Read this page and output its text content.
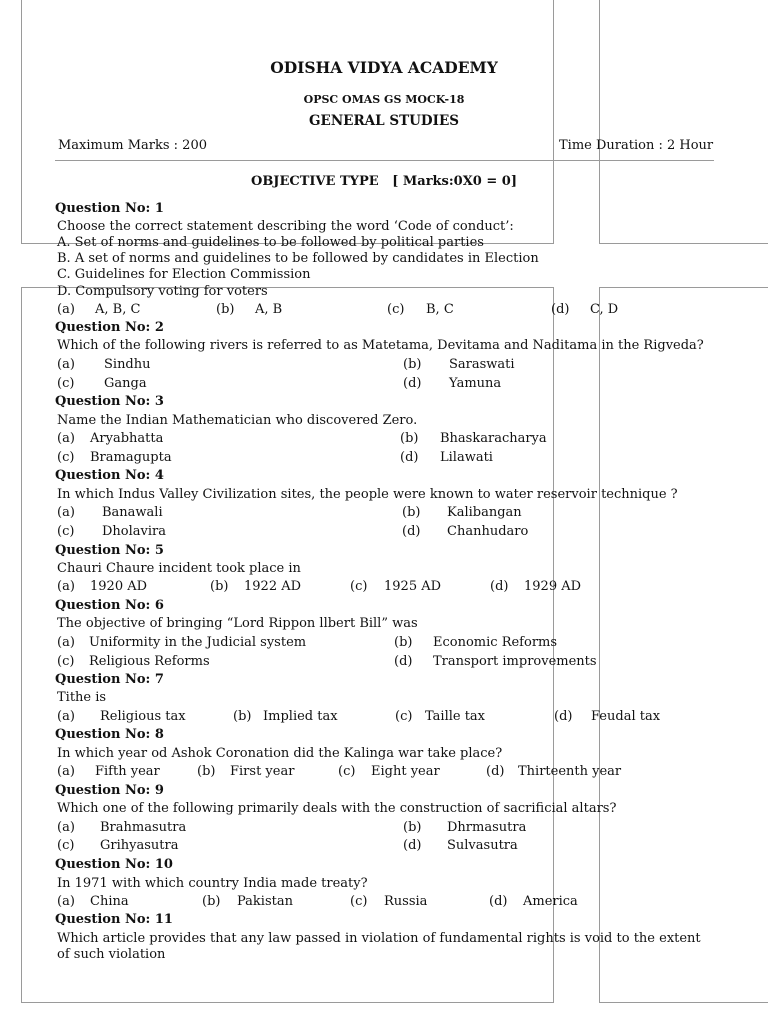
ODISHA VIDYA ACADEMY
OPSC OMAS GS MOCK-18
GENERAL STUDIES
Maximum Marks : 200	Time Duration : 2 Hour
OBJECTIVE TYPE   [ Marks:0X0 = 0]
Question No: 1
Choose the correct statement describing the word ‘Code of conduct’:
A. Set of norms and guidelines to be followed by political parties
B. A set of norms and guidelines to be followed by candidates in Election
C. Guidelines for Election Commission
D. Compulsory voting for voters
(a) A, B, C	(b) A, B	(c) B, C	(d) C, D
Question No: 2
Which of the following rivers is referred to as Matetama, Devitama and Naditama in the Rigveda?
(a) Sindhu	(b) Saraswati
(c) Ganga	(d) Yamuna
Question No: 3
Name the Indian Mathematician who discovered Zero.
(a) Aryabhatta	(b) Bhaskaracharya
(c) Bramagupta	(d) Lilawati
Question No: 4
In which Indus Valley Civilization sites, the people were known to water reservoir technique ?
(a) Banawali	(b) Kalibangan
(c) Dholavira	(d) Chanhudaro
Question No: 5
Chauri Chaure incident took place in
(a) 1920 AD	(b) 1922 AD	(c) 1925 AD	(d) 1929 AD
Question No: 6
The objective of bringing “Lord Rippon llbert Bill” was
(a) Uniformity in the Judicial system	(b) Economic Reforms
(c) Religious Reforms	(d) Transport improvements
Question No: 7
Tithe is
(a) Religious tax	(b) Implied tax	(c) Taille tax	(d) Feudal tax
Question No: 8
In which year od Ashok Coronation did the Kalinga war take place?
(a) Fifth year	(b) First year	(c) Eight year	(d) Thirteenth year
Question No: 9
Which one of the following primarily deals with the construction of sacrificial altars?
(a) Brahmasutra	(b) Dhrmasutra
(c) Grihyasutra	(d) Sulvasutra
Question No: 10
In 1971 with which country India made treaty?
(a) China	(b) Pakistan	(c) Russia	(d) America
Question No: 11
Which article provides that any law passed in violation of fundamental rights is void to the extent of such violation
